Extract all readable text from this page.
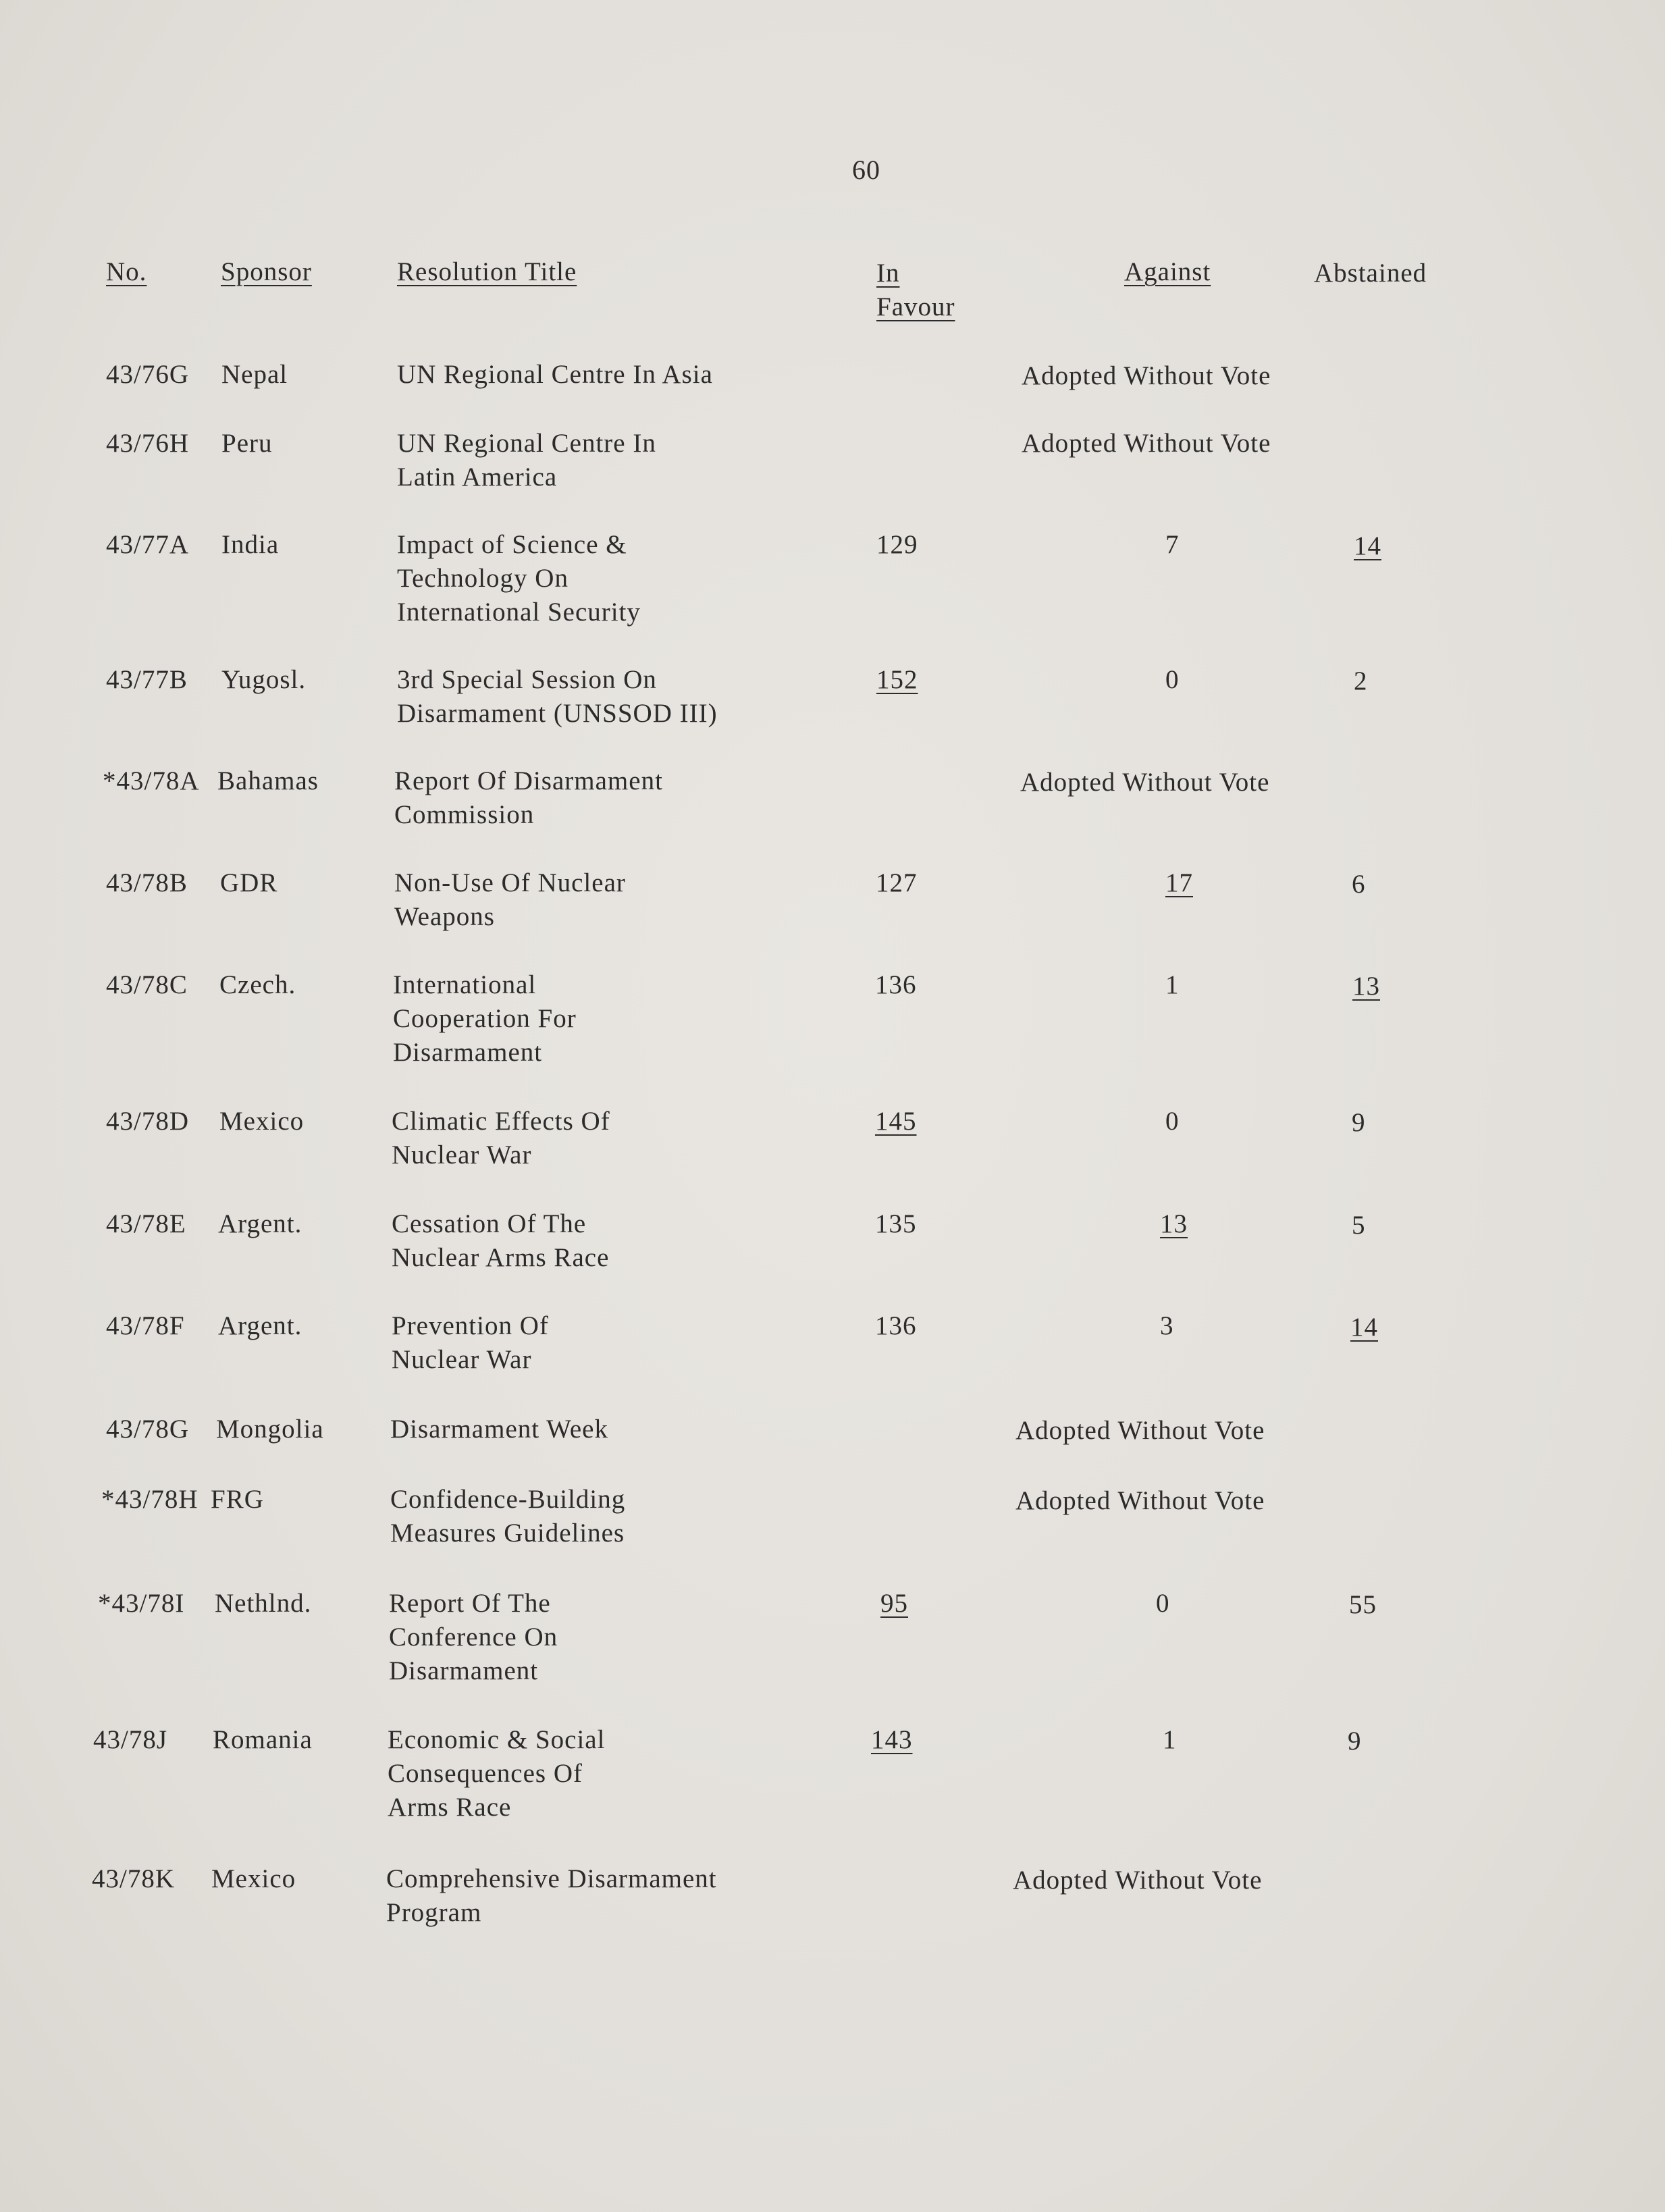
60
No.	Sponsor	Resolution Title	In
Favour
Against	Abstained
43/76G Nepal	UN Regional Centre In Asia	Adopted Without Vote
43/76H Peru	UN Regional Centre In
Latin America
Adopted Without Vote
43/77A India	Impact of Science &
Technology On
International Security
129	7	14
43/77B Yugosl.	3rd Special Session On
Disarmament (UNSSOD III)
152	0	2
*43/78A Bahamas	Report Of Disarmament
Commission
Adopted Without Vote
43/78B GDR	Non-Use Of Nuclear
Weapons
127	17	6
43/78C Czech.	International
Cooperation For
Disarmament
136	1	13
43/78D Mexico	Climatic Effects Of
Nuclear War
145	0	9
43/78E Argent.	Cessation Of The
Nuclear Arms Race
135	13	5
43/78F Argent.	Prevention Of
Nuclear War
136	3	14
43/78G Mongolia	Disarmament Week	Adopted Without Vote
*43/78H FRG	Confidence-Building
Measures Guidelines
Adopted Without Vote
*43/78I Nethlnd.	Report Of The
Conference On
Disarmament
95	0	55
43/78J Romania	Economic & Social
Consequences Of
Arms Race
143	1	9
43/78K Mexico	Comprehensive Disarmament
Program
Adopted Without Vote
